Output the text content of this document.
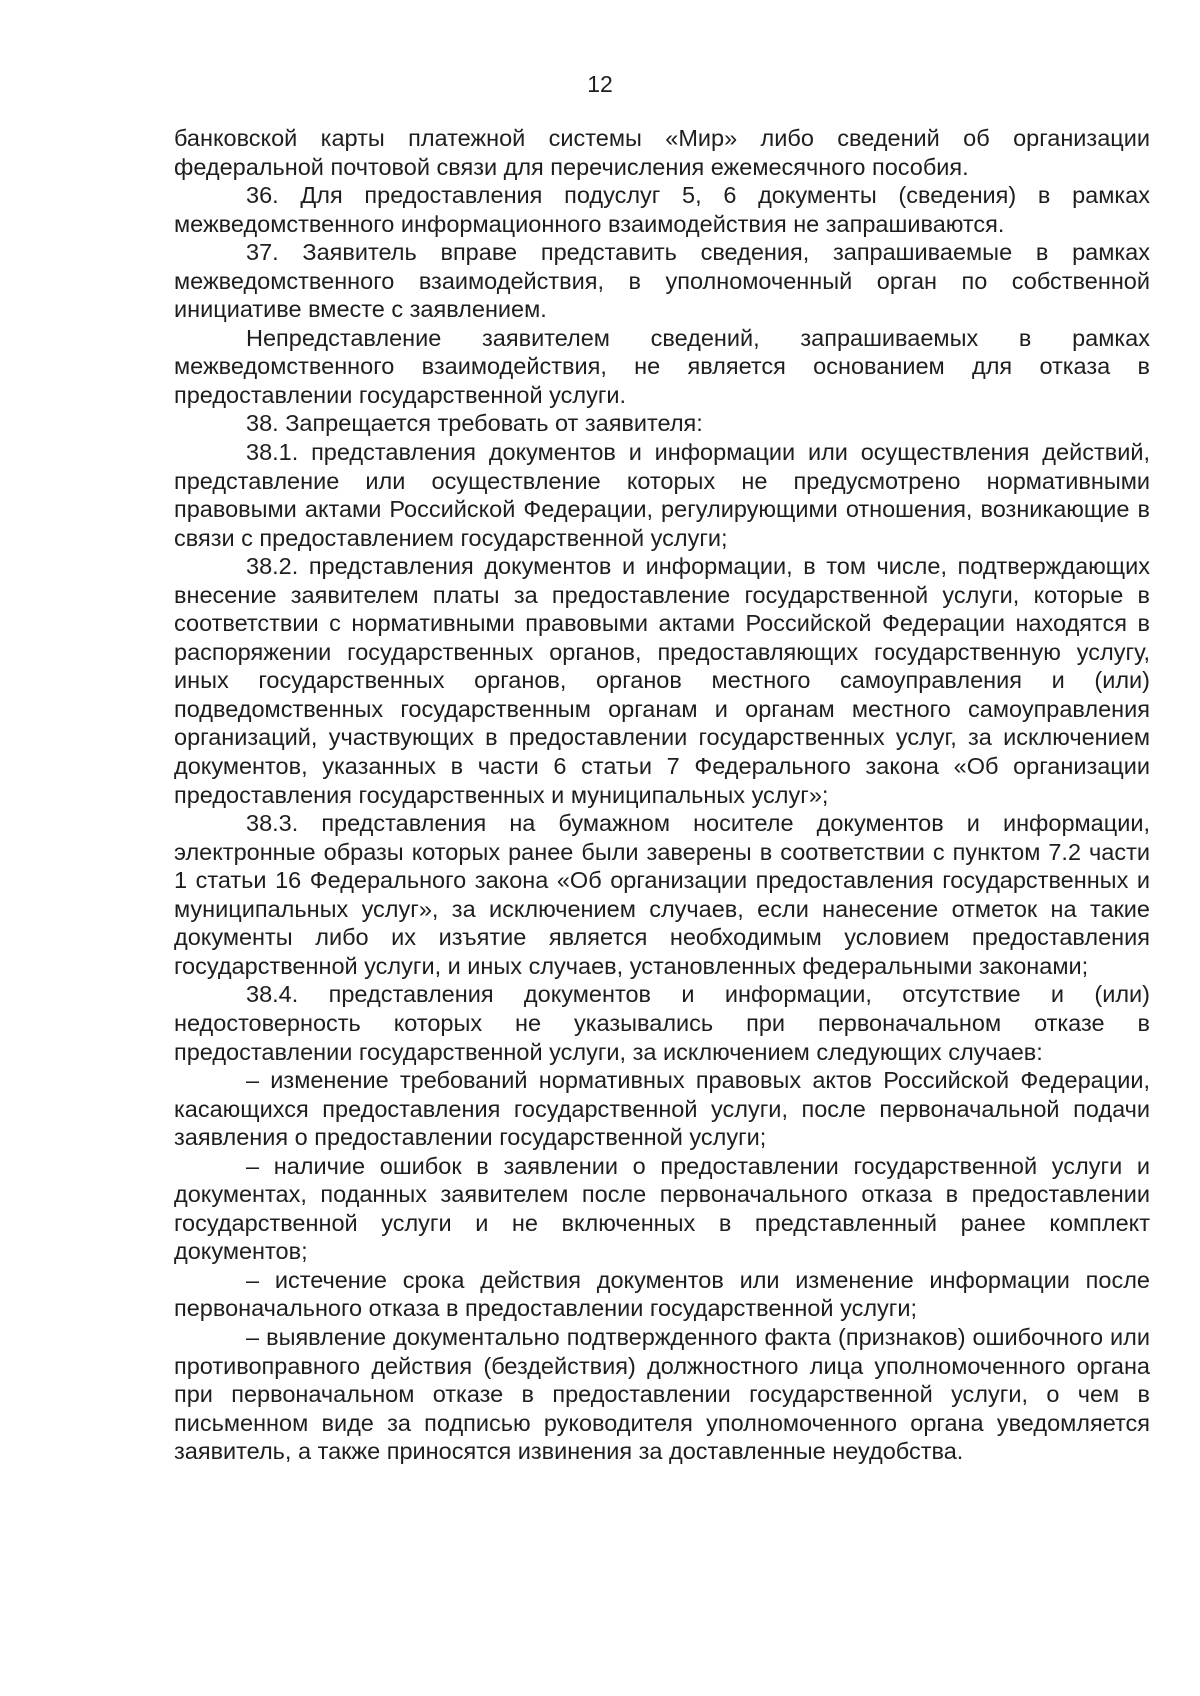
12

банковской карты платежной системы «Мир» либо сведений об организации федеральной почтовой связи для перечисления ежемесячного пособия.

36. Для предоставления подуслуг 5, 6 документы (сведения) в рамках межведомственного информационного взаимодействия не запрашиваются.

37. Заявитель вправе представить сведения, запрашиваемые в рамках межведомственного взаимодействия, в уполномоченный орган по собственной инициативе вместе с заявлением.

Непредставление заявителем сведений, запрашиваемых в рамках межведомственного взаимодействия, не является основанием для отказа в предоставлении государственной услуги.

38. Запрещается требовать от заявителя:

38.1. представления документов и информации или осуществления действий, представление или осуществление которых не предусмотрено нормативными правовыми актами Российской Федерации, регулирующими отношения, возникающие в связи с предоставлением государственной услуги;

38.2. представления документов и информации, в том числе, подтверждающих внесение заявителем платы за предоставление государственной услуги, которые в соответствии с нормативными правовыми актами Российской Федерации находятся в распоряжении государственных органов, предоставляющих государственную услугу, иных государственных органов, органов местного самоуправления и (или) подведомственных государственным органам и органам местного самоуправления организаций, участвующих в предоставлении государственных услуг, за исключением документов, указанных в части 6 статьи 7 Федерального закона «Об организации предоставления государственных и муниципальных услуг»;

38.3. представления на бумажном носителе документов и информации, электронные образы которых ранее были заверены в соответствии с пунктом 7.2 части 1 статьи 16 Федерального закона «Об организации предоставления государственных и муниципальных услуг», за исключением случаев, если нанесение отметок на такие документы либо их изъятие является необходимым условием предоставления государственной услуги, и иных случаев, установленных федеральными законами;

38.4. представления документов и информации, отсутствие и (или) недостоверность которых не указывались при первоначальном отказе в предоставлении государственной услуги, за исключением следующих случаев:

– изменение требований нормативных правовых актов Российской Федерации, касающихся предоставления государственной услуги, после первоначальной подачи заявления о предоставлении государственной услуги;

– наличие ошибок в заявлении о предоставлении государственной услуги и документах, поданных заявителем после первоначального отказа в предоставлении государственной услуги и не включенных в представленный ранее комплект документов;

– истечение срока действия документов или изменение информации после первоначального отказа в предоставлении государственной услуги;

– выявление документально подтвержденного факта (признаков) ошибочного или противоправного действия (бездействия) должностного лица уполномоченного органа при первоначальном отказе в предоставлении государственной услуги, о чем в письменном виде за подписью руководителя уполномоченного органа уведомляется заявитель, а также приносятся извинения за доставленные неудобства.
